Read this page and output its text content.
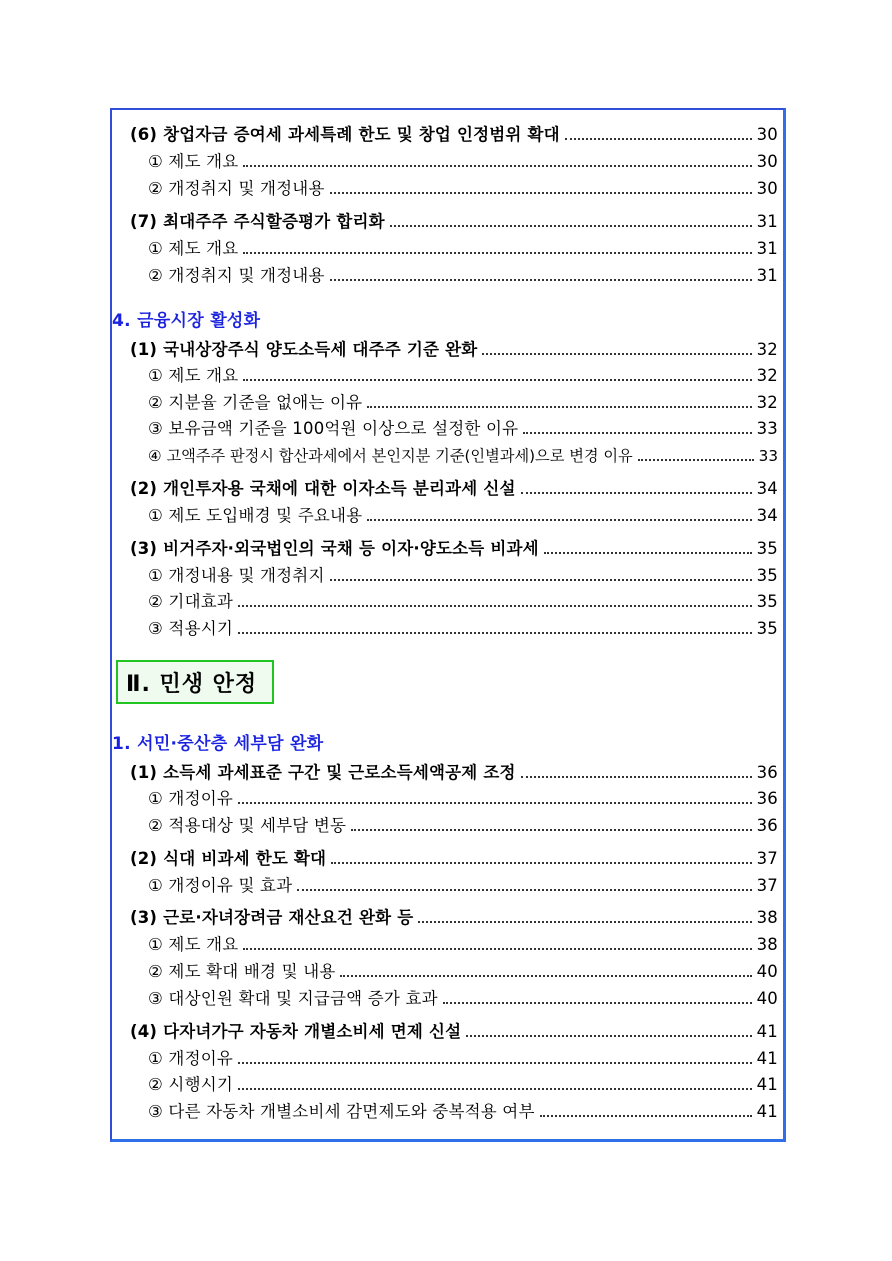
(6) 창업자금 증여세 과세특례 한도 및 창업 인정범위 확대	30
① 제도 개요	30
② 개정취지 및 개정내용	30
(7) 최대주주 주식할증평가 합리화	31
① 제도 개요	31
② 개정취지 및 개정내용	31
4. 금융시장 활성화
(1) 국내상장주식 양도소득세 대주주 기준 완화	32
① 제도 개요	32
② 지분율 기준을 없애는 이유	32
③ 보유금액 기준을 100억원 이상으로 설정한 이유	33
④ 고액주주 판정시 합산과세에서 본인지분 기준(인별과세)으로 변경 이유	33
(2) 개인투자용 국채에 대한 이자소득 분리과세 신설	34
① 제도 도입배경 및 주요내용	34
(3) 비거주자·외국법인의 국채 등 이자·양도소득 비과세	35
① 개정내용 및 개정취지	35
② 기대효과	35
③ 적용시기	35
Ⅱ. 민생 안정
1. 서민·중산층 세부담 완화
(1) 소득세 과세표준 구간 및 근로소득세액공제 조정	36
① 개정이유	36
② 적용대상 및 세부담 변동	36
(2) 식대 비과세 한도 확대	37
① 개정이유 및 효과	37
(3) 근로·자녀장려금 재산요건 완화 등	38
① 제도 개요	38
② 제도 확대 배경 및 내용	40
③ 대상인원 확대 및 지급금액 증가 효과	40
(4) 다자녀가구 자동차 개별소비세 면제 신설	41
① 개정이유	41
② 시행시기	41
③ 다른 자동차 개별소비세 감면제도와 중복적용 여부	41
